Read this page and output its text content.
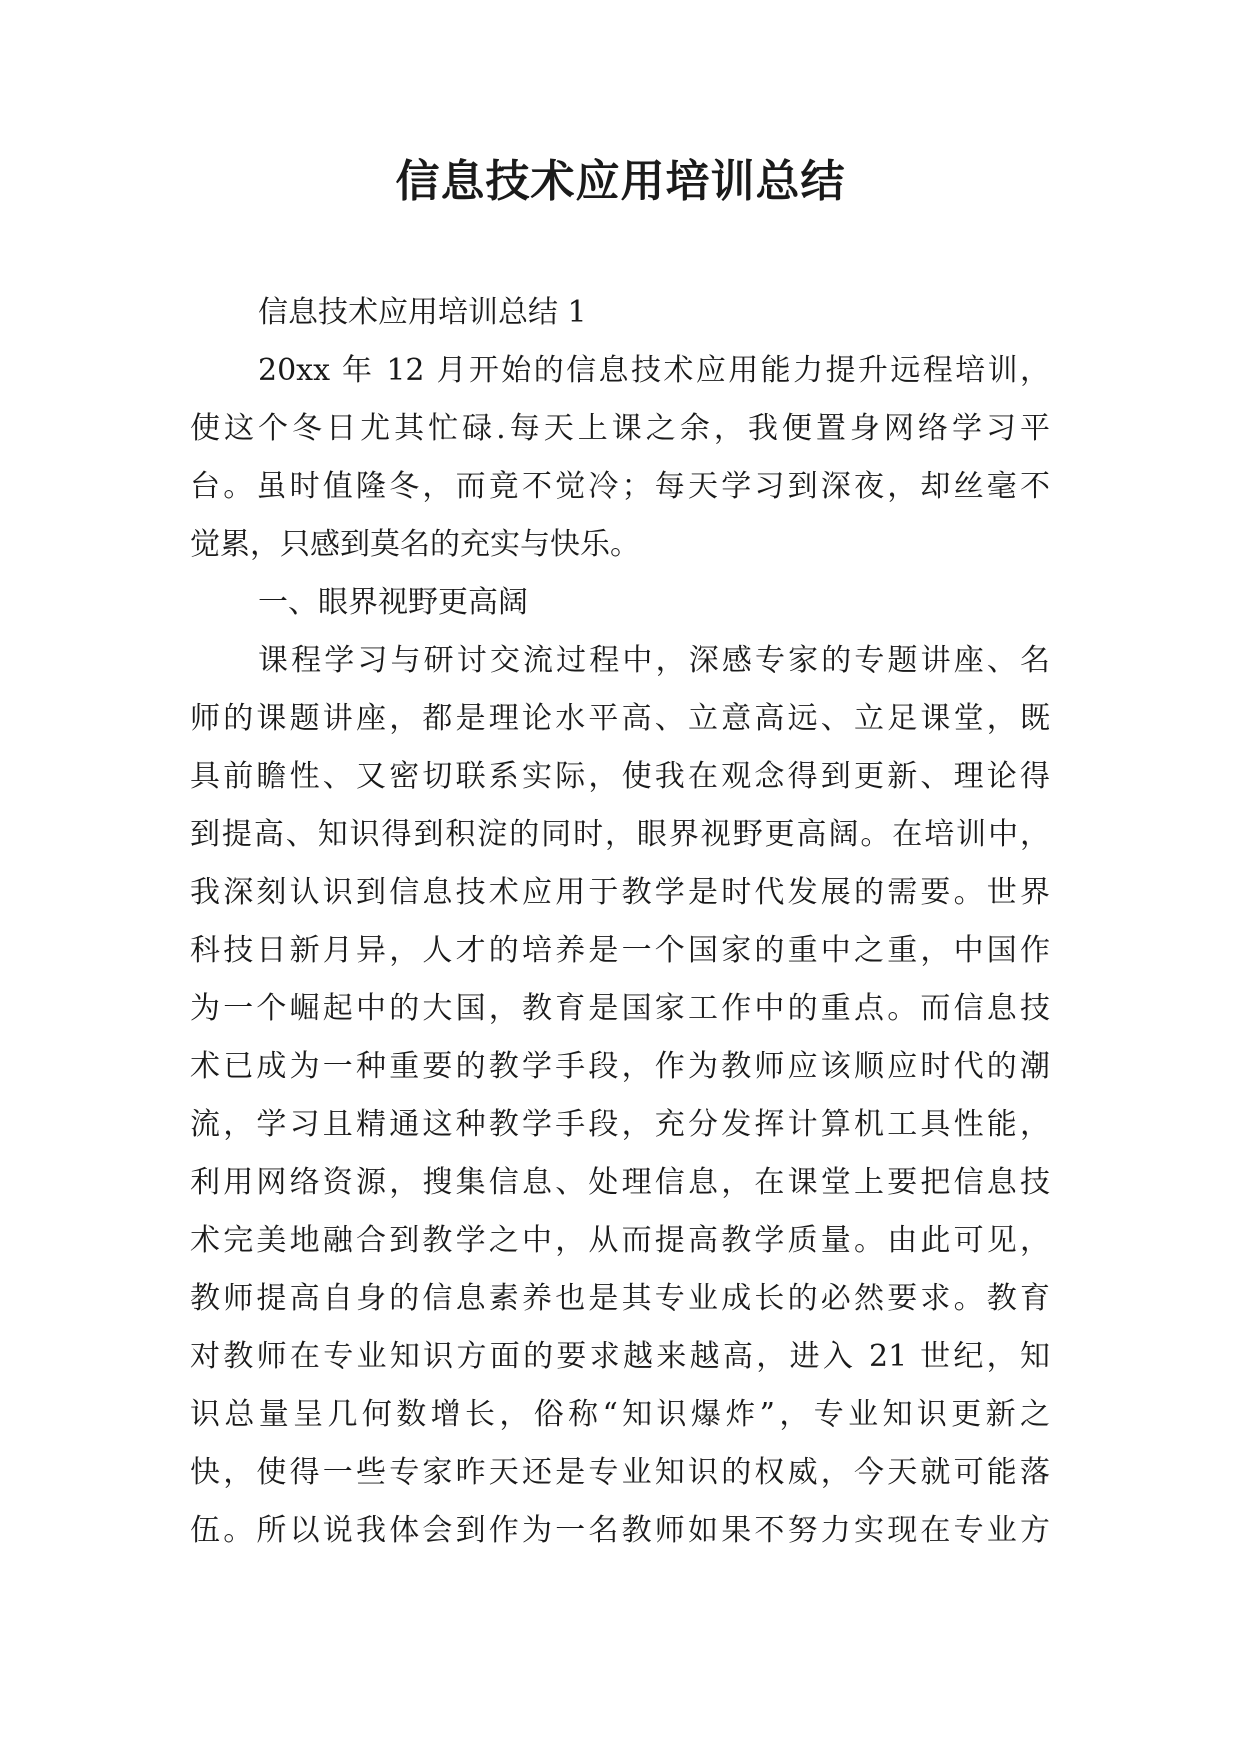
信息技术应用培训总结
信息技术应用培训总结 1
20xx 年 12 月开始的信息技术应用能力提升远程培训，
使这个冬日尤其忙碌.每天上课之余，我便置身网络学习平
台。虽时值隆冬，而竟不觉冷；每天学习到深夜，却丝毫不
觉累，只感到莫名的充实与快乐。
一、眼界视野更高阔
课程学习与研讨交流过程中，深感专家的专题讲座、名
师的课题讲座，都是理论水平高、立意高远、立足课堂，既
具前瞻性、又密切联系实际，使我在观念得到更新、理论得
到提高、知识得到积淀的同时，眼界视野更高阔。在培训中，
我深刻认识到信息技术应用于教学是时代发展的需要。世界
科技日新月异，人才的培养是一个国家的重中之重，中国作
为一个崛起中的大国，教育是国家工作中的重点。而信息技
术已成为一种重要的教学手段，作为教师应该顺应时代的潮
流，学习且精通这种教学手段，充分发挥计算机工具性能，
利用网络资源，搜集信息、处理信息，在课堂上要把信息技
术完美地融合到教学之中，从而提高教学质量。由此可见，
教师提高自身的信息素养也是其专业成长的必然要求。教育
对教师在专业知识方面的要求越来越高，进入 21 世纪，知
识总量呈几何数增长，俗称“知识爆炸”，专业知识更新之
快，使得一些专家昨天还是专业知识的权威，今天就可能落
伍。所以说我体会到作为一名教师如果不努力实现在专业方
